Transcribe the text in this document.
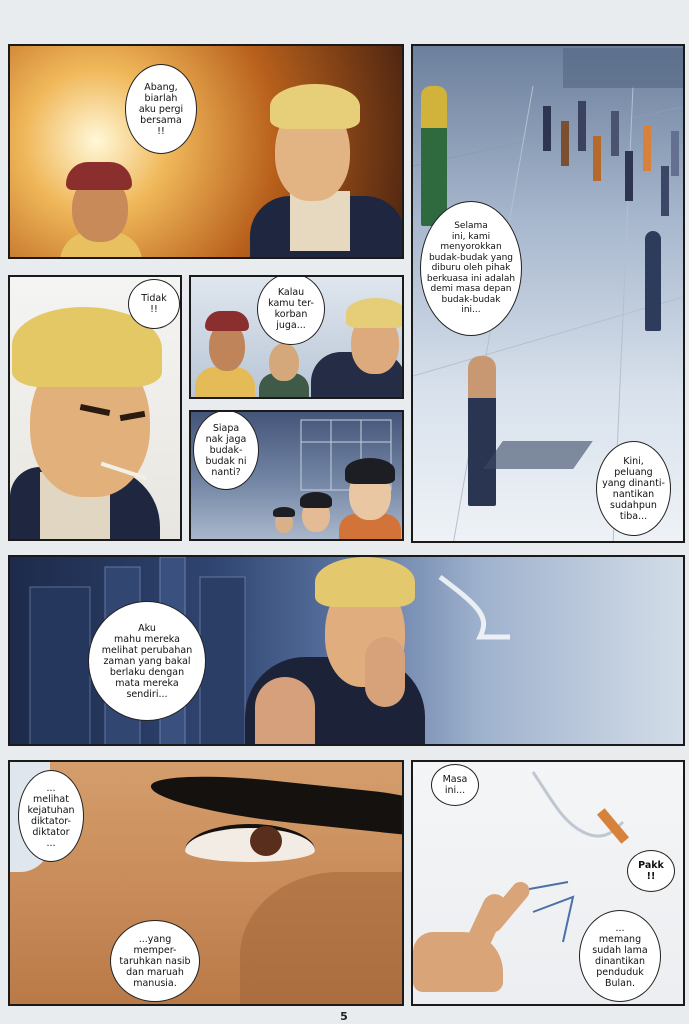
Abang,
biarlah
aku pergi
bersama
!!
Selama
ini, kami
menyorokkan
budak-budak yang
diburu oleh pihak
berkuasa ini adalah
demi masa depan
budak-budak
ini...
Kini,
peluang
yang dinanti-
nantikan
sudahpun
tiba...
Tidak
!!
Kalau
kamu ter-
korban
juga...
Siapa
nak jaga
budak-
budak ni
nanti?
Aku
mahu mereka
melihat perubahan
zaman yang bakal
berlaku dengan
mata mereka
sendiri...
...
melihat
kejatuhan
diktator-
diktator
...
...yang
memper-
taruhkan nasib
dan maruah
manusia.
Masa
ini...
Pakk
!!
...
memang
sudah lama
dinantikan
penduduk
Bulan.
5
